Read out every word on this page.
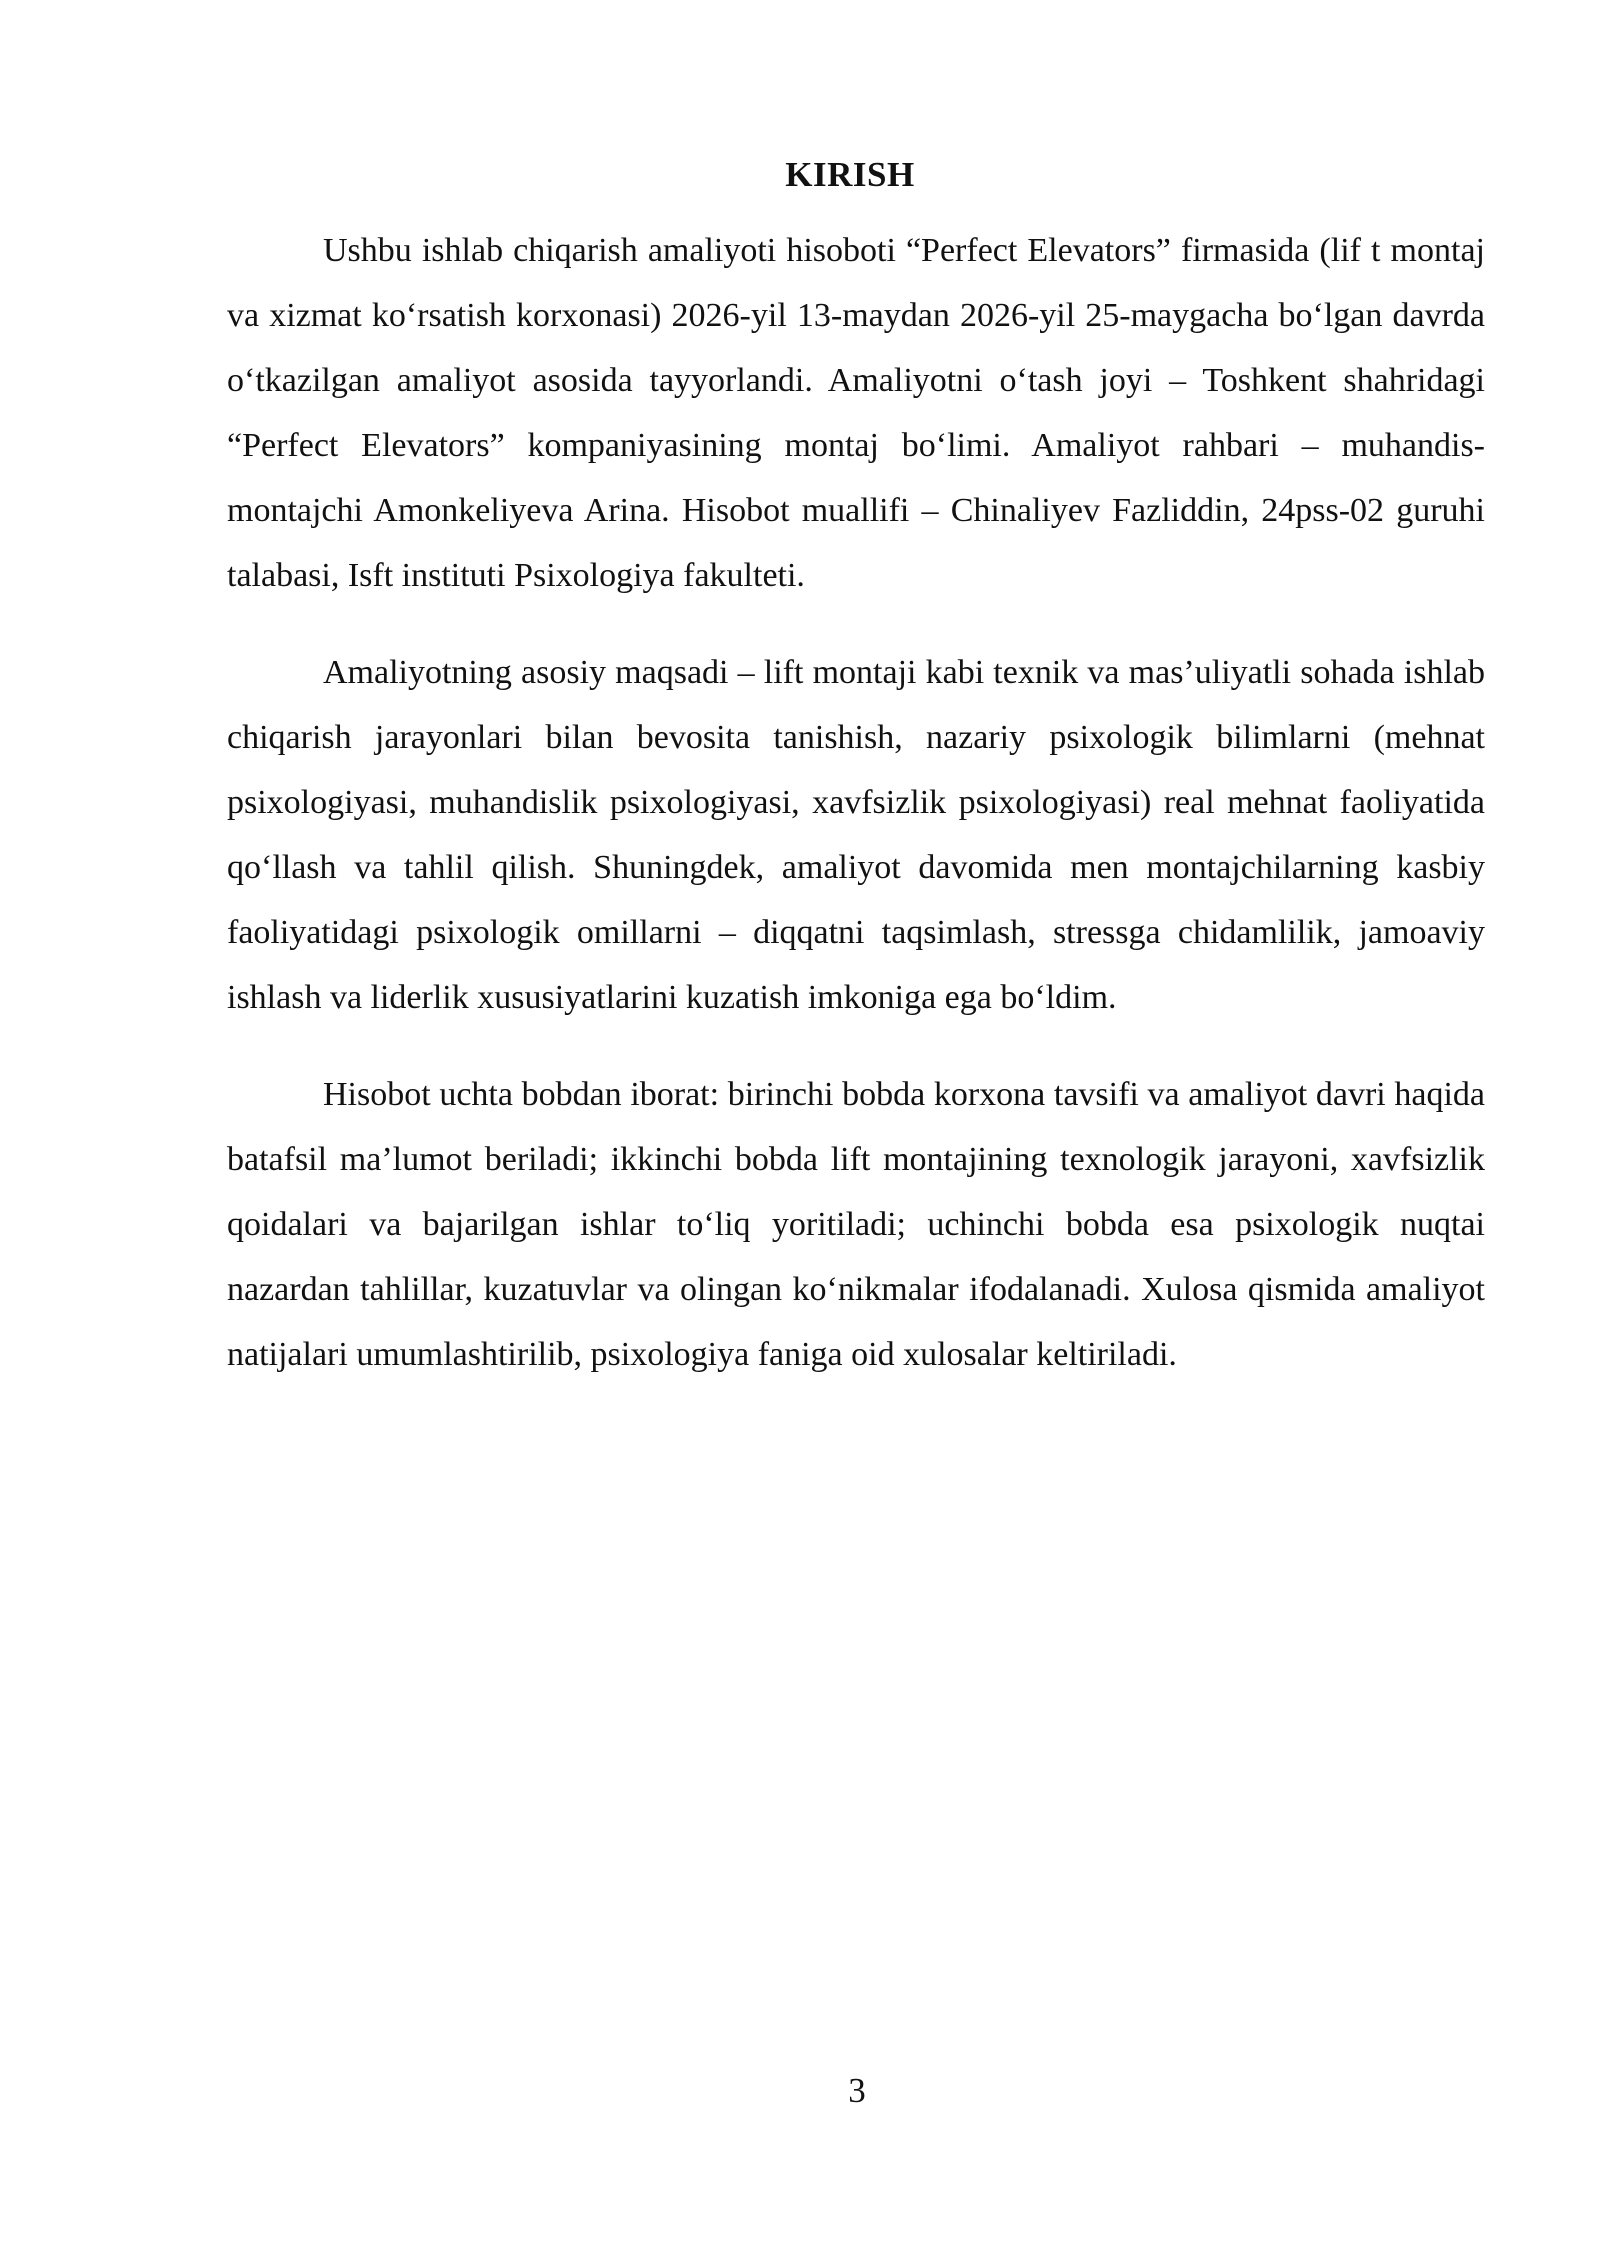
KIRISH

Ushbu ishlab chiqarish amaliyoti hisoboti “Perfect Elevators” firmasida (lif t montaj va xizmat ko‘rsatish korxonasi) 2026-yil 13-maydan 2026-yil 25-maygacha bo‘lgan davrda o‘tkazilgan amaliyot asosida tayyorlandi. Amaliyotni o‘tash joyi – Toshkent shahridagi “Perfect Elevators” kompaniyasining montaj bo‘limi. Amaliyot rahbari – muhandis-montajchi Amonkeliyeva Arina. Hisobot muallifi – Chinaliyev Fazliddin, 24pss-02 guruhi talabasi, Isft instituti Psixologiya fakulteti.

Amaliyotning asosiy maqsadi – lift montaji kabi texnik va mas’uliyatli sohada ishlab chiqarish jarayonlari bilan bevosita tanishish, nazariy psixologik bilimlarni (mehnat psixologiyasi, muhandislik psixologiyasi, xavfsizlik psixologiyasi) real mehnat faoliyatida qo‘llash va tahlil qilish. Shuningdek, amaliyot davomida men montajchilarning kasbiy faoliyatidagi psixologik omillarni – diqqatni taqsimlash, stressga chidamlilik, jamoaviy ishlash va liderlik xususiyatlarini kuzatish imkoniga ega bo‘ldim.

Hisobot uchta bobdan iborat: birinchi bobda korxona tavsifi va amaliyot davri haqida batafsil ma’lumot beriladi; ikkinchi bobda lift montajining texnologik jarayoni, xavfsizlik qoidalari va bajarilgan ishlar to‘liq yoritiladi; uchinchi bobda esa psixologik nuqtai nazardan tahlillar, kuzatuvlar va olingan ko‘nikmalar ifodalanadi. Xulosa qismida amaliyot natijalari umumlashtirilib, psixologiya faniga oid xulosalar keltiriladi.

3
